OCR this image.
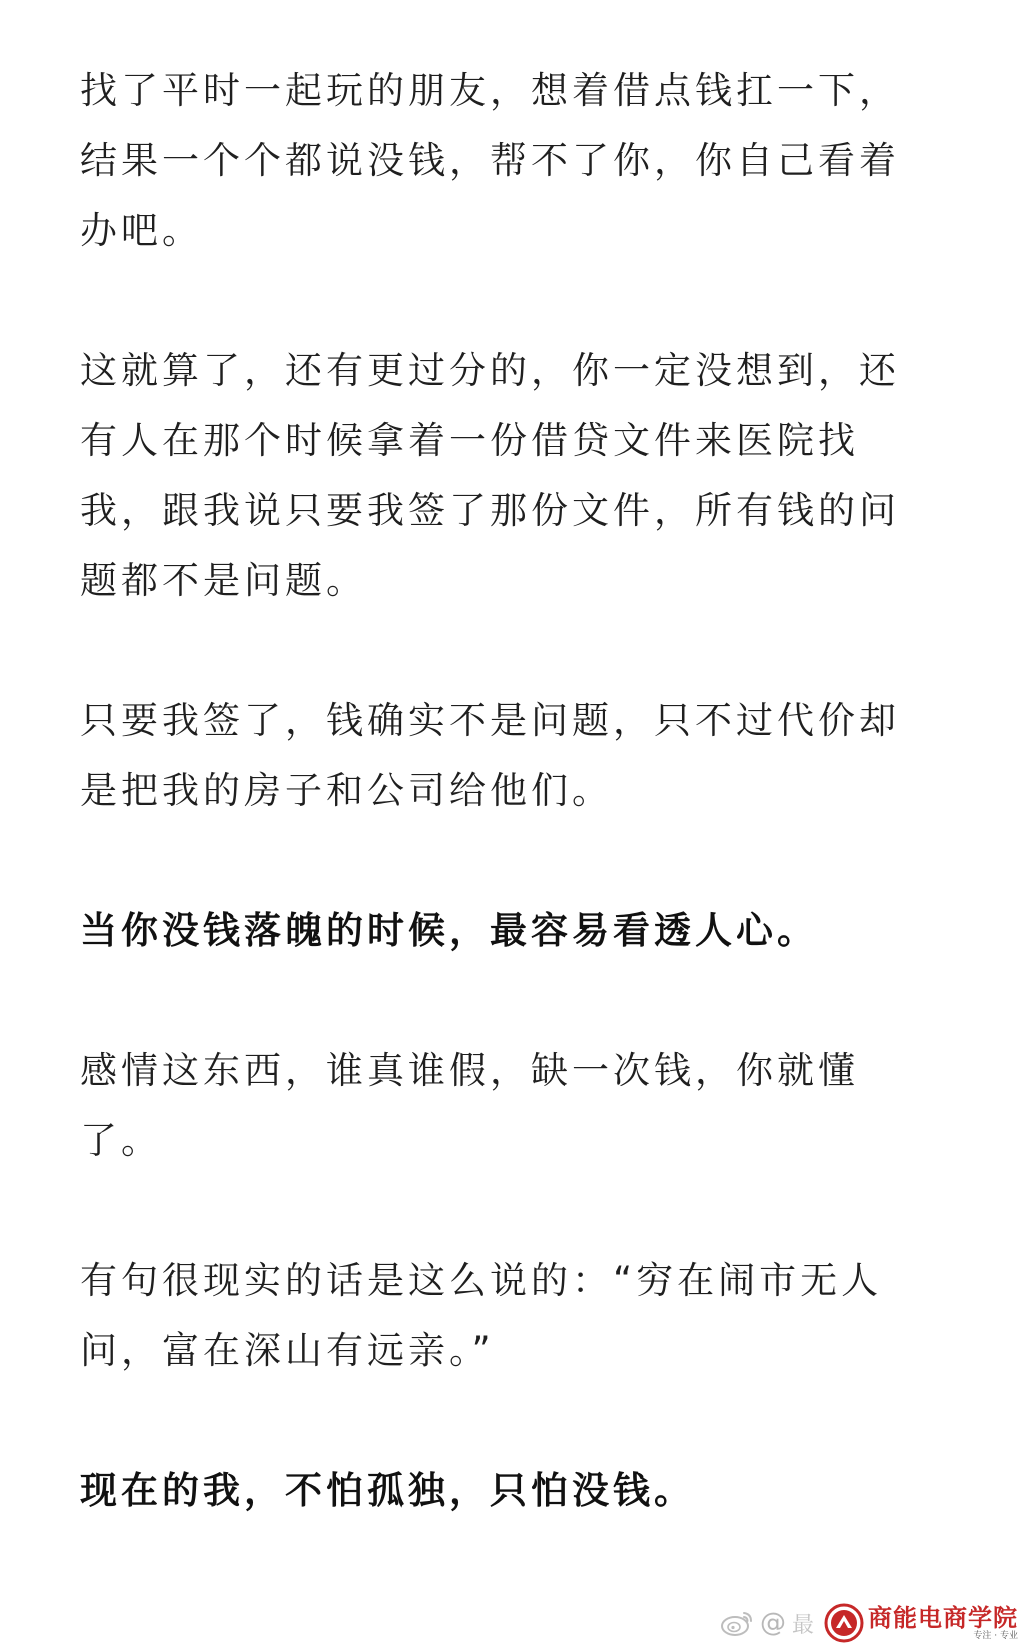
找了平时一起玩的朋友，想着借点钱扛一下，
结果一个个都说没钱，帮不了你，你自己看着
办吧。

这就算了，还有更过分的，你一定没想到，还
有人在那个时候拿着一份借贷文件来医院找
我，跟我说只要我签了那份文件，所有钱的问
题都不是问题。

只要我签了，钱确实不是问题，只不过代价却
是把我的房子和公司给他们。

当你没钱落魄的时候，最容易看透人心。

感情这东西，谁真谁假，缺一次钱，你就懂
了。

有句很现实的话是这么说的：“穷在闹市无人
问，富在深山有远亲。”

现在的我，不怕孤独，只怕没钱。

@ 最 商能电商学院
专注 · 专业
